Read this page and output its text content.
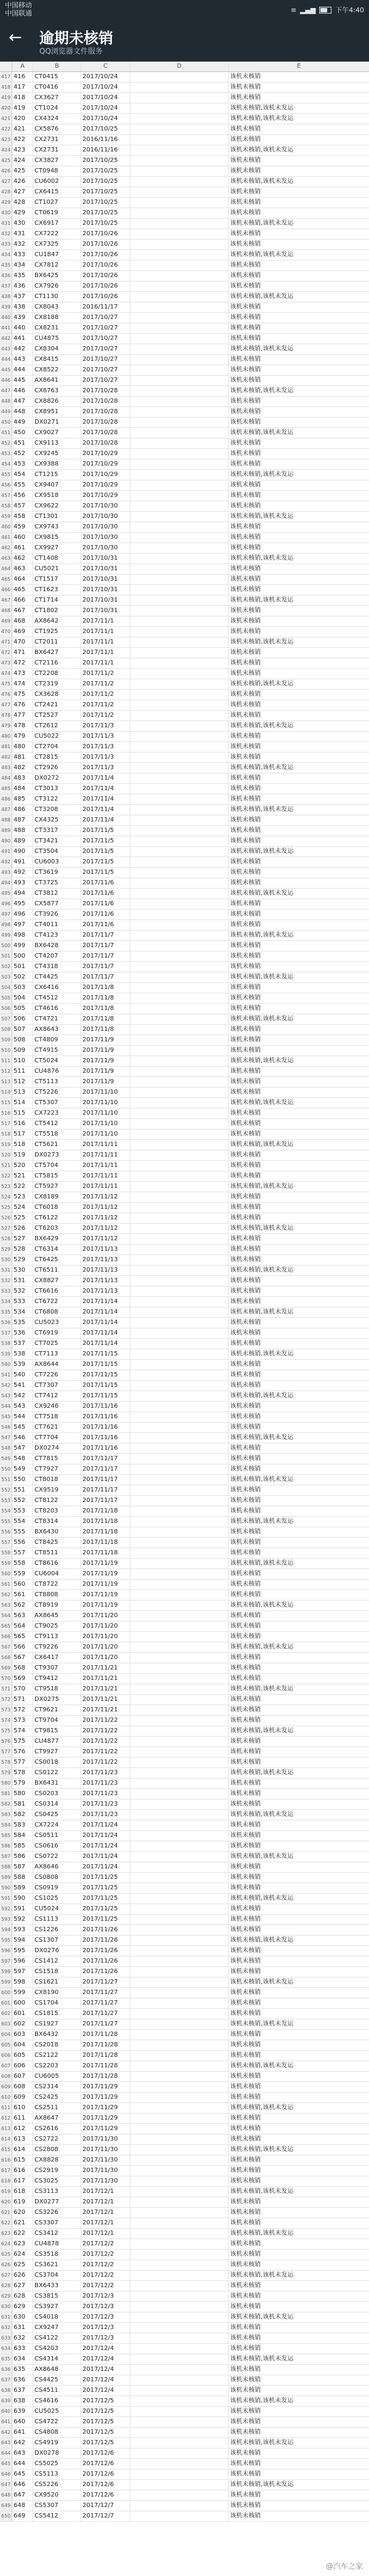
中国移动
中国联通	≋ ▂▄▆	下午4:40
← 逾期未核销
QQ浏览器文件服务
A	B	C	D	E
417 416	CT0415	2017/10/24	该机未核销
418 417	CT0416	2017/10/24	该机未核销
419 418	CX3627	2017/10/24	该机未核销
420 419	CT1024	2017/10/24	该机未核销,该机未发运
421 420	CX4324	2017/10/24	该机未核销,该机未发运
422 421	CX5876	2017/10/25	该机未核销
423 422	CX2731	2016/11/16	该机未核销
424 423	CX2731	2016/11/16	该机未核销,该机未发运
425 424	CX3827	2017/10/25	该机未核销
426 425	CT0948	2017/10/25	该机未核销
427 426	CU6002	2017/10/25	该机未核销,该机未发运
428 427	CX6415	2017/10/25	该机未核销
429 428	CT1027	2017/10/25	该机未核销
430 429	CT0619	2017/10/25	该机未核销
431 430	CX6917	2017/10/25	该机未核销,该机未发运
432 431	CX7222	2017/10/26	该机未核销
433 432	CX7325	2017/10/26	该机未核销
434 433	CU1847	2017/10/26	该机未核销,该机未发运
435 434	CX7812	2017/10/26	该机未核销
436 435	BX6425	2017/10/26	该机未核销
437 436	CX7926	2017/10/26	该机未核销
438 437	CT1130	2017/10/26	该机未核销,该机未发运
439 438	CX8043	2016/11/17	该机未核销
440 439	CX8188	2017/10/27	该机未核销
441 440	CX8231	2017/10/27	该机未核销
442 441	CU4875	2017/10/27	该机未核销
443 442	CX8304	2017/10/27	该机未核销,该机未发运
444 443	CX8415	2017/10/27	该机未核销
445 444	CX8522	2017/10/27	该机未核销
446 445	AX8641	2017/10/27	该机未核销
447 446	CX8763	2017/10/28	该机未核销,该机未发运
448 447	CX8826	2017/10/28	该机未核销
449 448	CX8951	2017/10/28	该机未核销
450 449	DX0271	2017/10/28	该机未核销
451 450	CX9027	2017/10/28	该机未核销,该机未发运
452 451	CX9113	2017/10/28	该机未核销
453 452	CX9245	2017/10/29	该机未核销
454 453	CX9388	2017/10/29	该机未核销
455 454	CT1215	2017/10/29	该机未核销,该机未发运
456 455	CX9407	2017/10/29	该机未核销
457 456	CX9518	2017/10/29	该机未核销
458 457	CX9622	2017/10/30	该机未核销
459 458	CT1301	2017/10/30	该机未核销,该机未发运
460 459	CX9743	2017/10/30	该机未核销
461 460	CX9815	2017/10/30	该机未核销
462 461	CX9927	2017/10/30	该机未核销
463 462	CT1408	2017/10/31	该机未核销,该机未发运
464 463	CU5021	2017/10/31	该机未核销
465 464	CT1517	2017/10/31	该机未核销
466 465	CT1623	2017/10/31	该机未核销
467 466	CT1714	2017/10/31	该机未核销,该机未发运
468 467	CT1802	2017/10/31	该机未核销
469 468	AX8642	2017/11/1	该机未核销
470 469	CT1925	2017/11/1	该机未核销
471 470	CT2011	2017/11/1	该机未核销,该机未发运
472 471	BX6427	2017/11/1	该机未核销
473 472	CT2116	2017/11/1	该机未核销
474 473	CT2208	2017/11/2	该机未核销
475 474	CT2319	2017/11/2	该机未核销,该机未发运
476 475	CX3628	2017/11/2	该机未核销
477 476	CT2421	2017/11/2	该机未核销
478 477	CT2527	2017/11/2	该机未核销
479 478	CT2612	2017/11/3	该机未核销,该机未发运
480 479	CU5022	2017/11/3	该机未核销
481 480	CT2704	2017/11/3	该机未核销
482 481	CT2815	2017/11/3	该机未核销
483 482	CT2926	2017/11/3	该机未核销,该机未发运
484 483	DX0272	2017/11/4	该机未核销
485 484	CT3013	2017/11/4	该机未核销
486 485	CT3122	2017/11/4	该机未核销
487 486	CT3208	2017/11/4	该机未核销,该机未发运
488 487	CX4325	2017/11/4	该机未核销
489 488	CT3317	2017/11/5	该机未核销
490 489	CT3421	2017/11/5	该机未核销
491 490	CT3504	2017/11/5	该机未核销,该机未发运
492 491	CU6003	2017/11/5	该机未核销
493 492	CT3619	2017/11/5	该机未核销
494 493	CT3725	2017/11/6	该机未核销
495 494	CT3812	2017/11/6	该机未核销,该机未发运
496 495	CX5877	2017/11/6	该机未核销
497 496	CT3926	2017/11/6	该机未核销
498 497	CT4011	2017/11/6	该机未核销
499 498	CT4123	2017/11/7	该机未核销,该机未发运
500 499	BX6428	2017/11/7	该机未核销
501 500	CT4207	2017/11/7	该机未核销
502 501	CT4318	2017/11/7	该机未核销
503 502	CT4425	2017/11/7	该机未核销,该机未发运
504 503	CX6416	2017/11/8	该机未核销
505 504	CT4512	2017/11/8	该机未核销
506 505	CT4616	2017/11/8	该机未核销
507 506	CT4721	2017/11/8	该机未核销,该机未发运
508 507	AX8643	2017/11/8	该机未核销
509 508	CT4809	2017/11/9	该机未核销
510 509	CT4915	2017/11/9	该机未核销
511 510	CT5024	2017/11/9	该机未核销,该机未发运
512 511	CU4876	2017/11/9	该机未核销
513 512	CT5113	2017/11/9	该机未核销
514 513	CT5226	2017/11/10	该机未核销
515 514	CT5307	2017/11/10	该机未核销,该机未发运
516 515	CX7223	2017/11/10	该机未核销
517 516	CT5412	2017/11/10	该机未核销
518 517	CT5518	2017/11/10	该机未核销
519 518	CT5621	2017/11/11	该机未核销,该机未发运
520 519	DX0273	2017/11/11	该机未核销
521 520	CT5704	2017/11/11	该机未核销
522 521	CT5815	2017/11/11	该机未核销
523 522	CT5927	2017/11/11	该机未核销,该机未发运
524 523	CX8189	2017/11/12	该机未核销
525 524	CT6018	2017/11/12	该机未核销
526 525	CT6122	2017/11/12	该机未核销
527 526	CT6203	2017/11/12	该机未核销,该机未发运
528 527	BX6429	2017/11/12	该机未核销
529 528	CT6314	2017/11/13	该机未核销
530 529	CT6425	2017/11/13	该机未核销
531 530	CT6511	2017/11/13	该机未核销,该机未发运
532 531	CX8827	2017/11/13	该机未核销
533 532	CT6616	2017/11/13	该机未核销
534 533	CT6722	2017/11/14	该机未核销
535 534	CT6808	2017/11/14	该机未核销,该机未发运
536 535	CU5023	2017/11/14	该机未核销
537 536	CT6919	2017/11/14	该机未核销
538 537	CT7025	2017/11/14	该机未核销
539 538	CT7113	2017/11/15	该机未核销,该机未发运
540 539	AX8644	2017/11/15	该机未核销
541 540	CT7226	2017/11/15	该机未核销
542 541	CT7307	2017/11/15	该机未核销
543 542	CT7412	2017/11/15	该机未核销,该机未发运
544 543	CX9246	2017/11/16	该机未核销
545 544	CT7518	2017/11/16	该机未核销
546 545	CT7621	2017/11/16	该机未核销
547 546	CT7704	2017/11/16	该机未核销,该机未发运
548 547	DX0274	2017/11/16	该机未核销
549 548	CT7815	2017/11/17	该机未核销
550 549	CT7927	2017/11/17	该机未核销
551 550	CT8018	2017/11/17	该机未核销,该机未发运
552 551	CX9519	2017/11/17	该机未核销
553 552	CT8122	2017/11/17	该机未核销
554 553	CT8203	2017/11/18	该机未核销
555 554	CT8314	2017/11/18	该机未核销,该机未发运
556 555	BX6430	2017/11/18	该机未核销
557 556	CT8425	2017/11/18	该机未核销
558 557	CT8511	2017/11/18	该机未核销
559 558	CT8616	2017/11/19	该机未核销,该机未发运
560 559	CU6004	2017/11/19	该机未核销
561 560	CT8722	2017/11/19	该机未核销
562 561	CT8808	2017/11/19	该机未核销
563 562	CT8919	2017/11/19	该机未核销,该机未发运
564 563	AX8645	2017/11/20	该机未核销
565 564	CT9025	2017/11/20	该机未核销
566 565	CT9113	2017/11/20	该机未核销
567 566	CT9226	2017/11/20	该机未核销,该机未发运
568 567	CX6417	2017/11/20	该机未核销
569 568	CT9307	2017/11/21	该机未核销
570 569	CT9412	2017/11/21	该机未核销
571 570	CT9518	2017/11/21	该机未核销,该机未发运
572 571	DX0275	2017/11/21	该机未核销
573 572	CT9621	2017/11/21	该机未核销
574 573	CT9704	2017/11/22	该机未核销
575 574	CT9815	2017/11/22	该机未核销,该机未发运
576 575	CU4877	2017/11/22	该机未核销
577 576	CT9927	2017/11/22	该机未核销
578 577	CS0018	2017/11/22	该机未核销
579 578	CS0122	2017/11/23	该机未核销,该机未发运
580 579	BX6431	2017/11/23	该机未核销
581 580	CS0203	2017/11/23	该机未核销
582 581	CS0314	2017/11/23	该机未核销
583 582	CS0425	2017/11/23	该机未核销,该机未发运
584 583	CX7224	2017/11/24	该机未核销
585 584	CS0511	2017/11/24	该机未核销
586 585	CS0616	2017/11/24	该机未核销
587 586	CS0722	2017/11/24	该机未核销,该机未发运
588 587	AX8646	2017/11/24	该机未核销
589 588	CS0808	2017/11/25	该机未核销
590 589	CS0919	2017/11/25	该机未核销
591 590	CS1025	2017/11/25	该机未核销,该机未发运
592 591	CU5024	2017/11/25	该机未核销
593 592	CS1113	2017/11/25	该机未核销
594 593	CS1226	2017/11/26	该机未核销
595 594	CS1307	2017/11/26	该机未核销,该机未发运
596 595	DX0276	2017/11/26	该机未核销
597 596	CS1412	2017/11/26	该机未核销
598 597	CS1518	2017/11/26	该机未核销
599 598	CS1621	2017/11/27	该机未核销,该机未发运
600 599	CX8190	2017/11/27	该机未核销
601 600	CS1704	2017/11/27	该机未核销
602 601	CS1815	2017/11/27	该机未核销
603 602	CS1927	2017/11/27	该机未核销,该机未发运
604 603	BX6432	2017/11/28	该机未核销
605 604	CS2018	2017/11/28	该机未核销
606 605	CS2122	2017/11/28	该机未核销
607 606	CS2203	2017/11/28	该机未核销,该机未发运
608 607	CU6005	2017/11/28	该机未核销
609 608	CS2314	2017/11/29	该机未核销
610 609	CS2425	2017/11/29	该机未核销
611 610	CS2511	2017/11/29	该机未核销,该机未发运
612 611	AX8647	2017/11/29	该机未核销
613 612	CS2616	2017/11/29	该机未核销
614 613	CS2722	2017/11/30	该机未核销
615 614	CS2808	2017/11/30	该机未核销,该机未发运
616 615	CX8828	2017/11/30	该机未核销
617 616	CS2919	2017/11/30	该机未核销
618 617	CS3025	2017/11/30	该机未核销
619 618	CS3113	2017/12/1	该机未核销,该机未发运
620 619	DX0277	2017/12/1	该机未核销
621 620	CS3226	2017/12/1	该机未核销
622 621	CS3307	2017/12/1	该机未核销
623 622	CS3412	2017/12/1	该机未核销,该机未发运
624 623	CU4878	2017/12/2	该机未核销
625 624	CS3518	2017/12/2	该机未核销
626 625	CS3621	2017/12/2	该机未核销
627 626	CS3704	2017/12/2	该机未核销,该机未发运
628 627	BX6433	2017/12/2	该机未核销
629 628	CS3815	2017/12/3	该机未核销
630 629	CS3927	2017/12/3	该机未核销
631 630	CS4018	2017/12/3	该机未核销,该机未发运
632 631	CX9247	2017/12/3	该机未核销
633 632	CS4122	2017/12/3	该机未核销
634 633	CS4203	2017/12/4	该机未核销
635 634	CS4314	2017/12/4	该机未核销,该机未发运
636 635	AX8648	2017/12/4	该机未核销
637 636	CS4425	2017/12/4	该机未核销
638 637	CS4511	2017/12/4	该机未核销
639 638	CS4616	2017/12/5	该机未核销,该机未发运
640 639	CU5025	2017/12/5	该机未核销
641 640	CS4722	2017/12/5	该机未核销
642 641	CS4808	2017/12/5	该机未核销
643 642	CS4919	2017/12/5	该机未核销,该机未发运
644 643	DX0278	2017/12/6	该机未核销
645 644	CS5025	2017/12/6	该机未核销
646 645	CS5113	2017/12/6	该机未核销
647 646	CS5226	2017/12/6	该机未核销,该机未发运
648 647	CX9520	2017/12/6	该机未核销
649 648	CS5307	2017/12/7	该机未核销
650 649	CS5412	2017/12/7	该机未核销
@汽车之家
